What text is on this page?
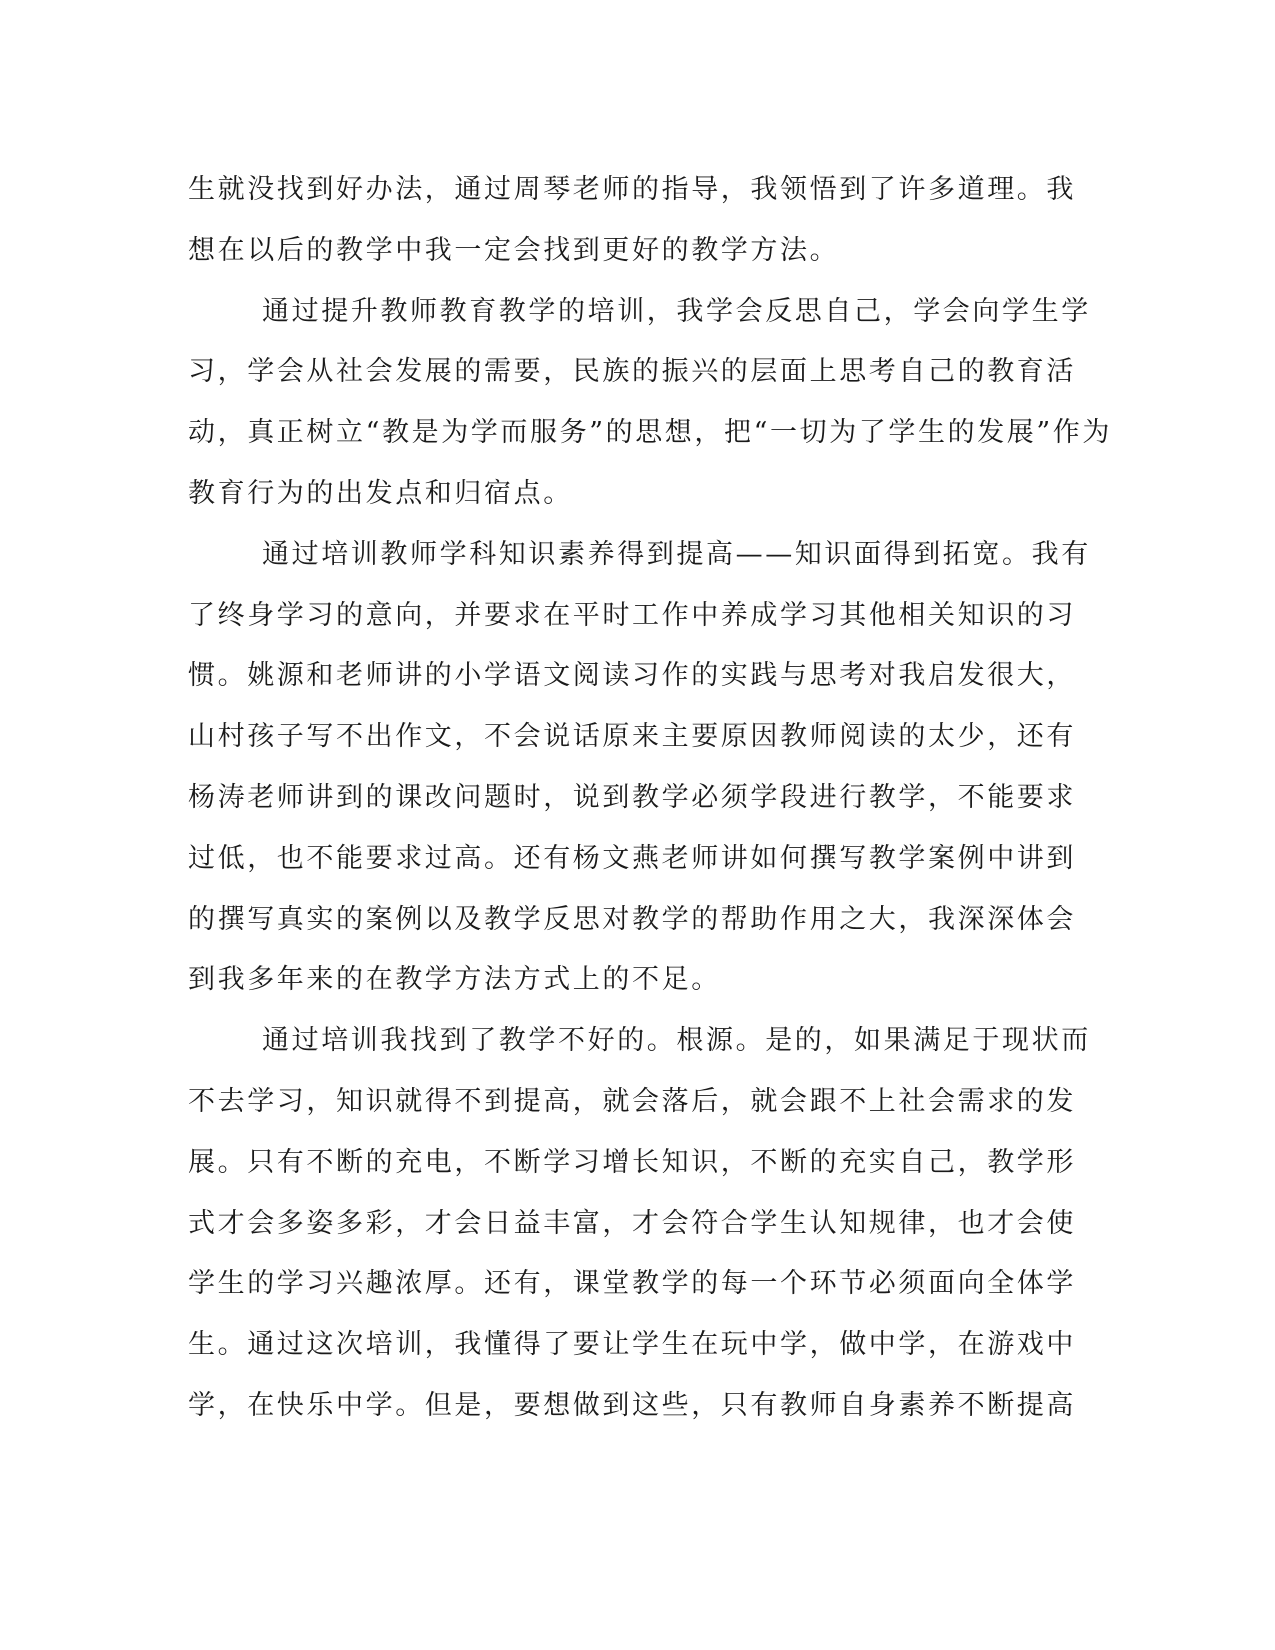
生就没找到好办法，通过周琴老师的指导，我领悟到了许多道理。我
想在以后的教学中我一定会找到更好的教学方法。
通过提升教师教育教学的培训，我学会反思自己，学会向学生学
习，学会从社会发展的需要，民族的振兴的层面上思考自己的教育活
动，真正树立“教是为学而服务”的思想，把“一切为了学生的发展”作为
教育行为的出发点和归宿点。
通过培训教师学科知识素养得到提高——知识面得到拓宽。我有
了终身学习的意向，并要求在平时工作中养成学习其他相关知识的习
惯。姚源和老师讲的小学语文阅读习作的实践与思考对我启发很大，
山村孩子写不出作文，不会说话原来主要原因教师阅读的太少，还有
杨涛老师讲到的课改问题时，说到教学必须学段进行教学，不能要求
过低，也不能要求过高。还有杨文燕老师讲如何撰写教学案例中讲到
的撰写真实的案例以及教学反思对教学的帮助作用之大，我深深体会
到我多年来的在教学方法方式上的不足。
通过培训我找到了教学不好的。根源。是的，如果满足于现状而
不去学习，知识就得不到提高，就会落后，就会跟不上社会需求的发
展。只有不断的充电，不断学习增长知识，不断的充实自己，教学形
式才会多姿多彩，才会日益丰富，才会符合学生认知规律，也才会使
学生的学习兴趣浓厚。还有，课堂教学的每一个环节必须面向全体学
生。通过这次培训，我懂得了要让学生在玩中学，做中学，在游戏中
学，在快乐中学。但是，要想做到这些，只有教师自身素养不断提高
